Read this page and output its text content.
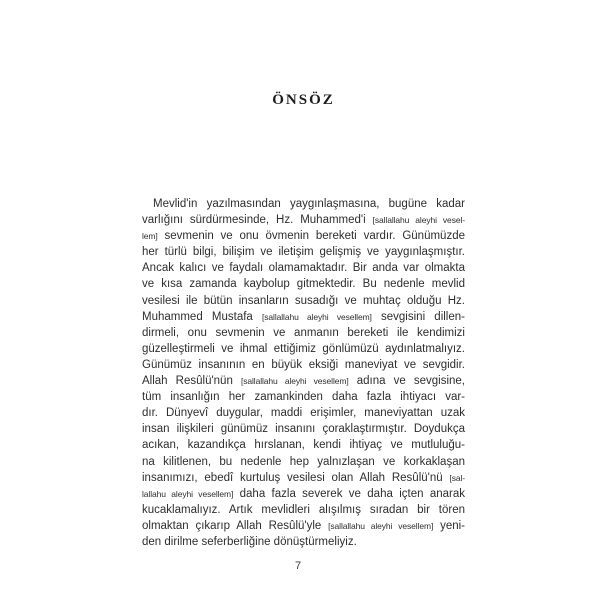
ÖNSÖZ
Mevlid'in yazılmasından yaygınlaşmasına, bugüne kadar
varlığını sürdürmesinde, Hz. Muhammed'i [sallallahu aleyhi vesel-
lem] sevmenin ve onu övmenin bereketi vardır. Günümüzde
her türlü bilgi, bilişim ve iletişim gelişmiş ve yaygınlaşmıştır.
Ancak kalıcı ve faydalı olamamaktadır. Bir anda var olmakta
ve kısa zamanda kaybolup gitmektedir. Bu nedenle mevlid
vesilesi ile bütün insanların susadığı ve muhtaç olduğu Hz.
Muhammed Mustafa [sallallahu aleyhi vesellem] sevgisini dillen-
dirmeli, onu sevmenin ve anmanın bereketi ile kendimizi
güzelleştirmeli ve ihmal ettiğimiz gönlümüzü aydınlatmalıyız.
Günümüz insanının en büyük eksiği maneviyat ve sevgidir.
Allah Resûlü'nün [sallallahu aleyhi vesellem] adına ve sevgisine,
tüm insanlığın her zamankinden daha fazla ihtiyacı var-
dır. Dünyevî duygular, maddi erişimler, maneviyattan uzak
insan ilişkileri günümüz insanını çoraklaştırmıştır. Doydukça
acıkan, kazandıkça hırslanan, kendi ihtiyaç ve mutluluğu-
na kilitlenen, bu nedenle hep yalnızlaşan ve korkaklaşan
insanımızı, ebedî kurtuluş vesilesi olan Allah Resûlü'nü [sal-
lallahu aleyhi vesellem] daha fazla severek ve daha içten anarak
kucaklamalıyız. Artık mevlidleri alışılmış sıradan bir tören
olmaktan çıkarıp Allah Resûlü'yle [sallallahu aleyhi vesellem] yeni-
den dirilme seferberliğine dönüştürmeliyiz.
7
